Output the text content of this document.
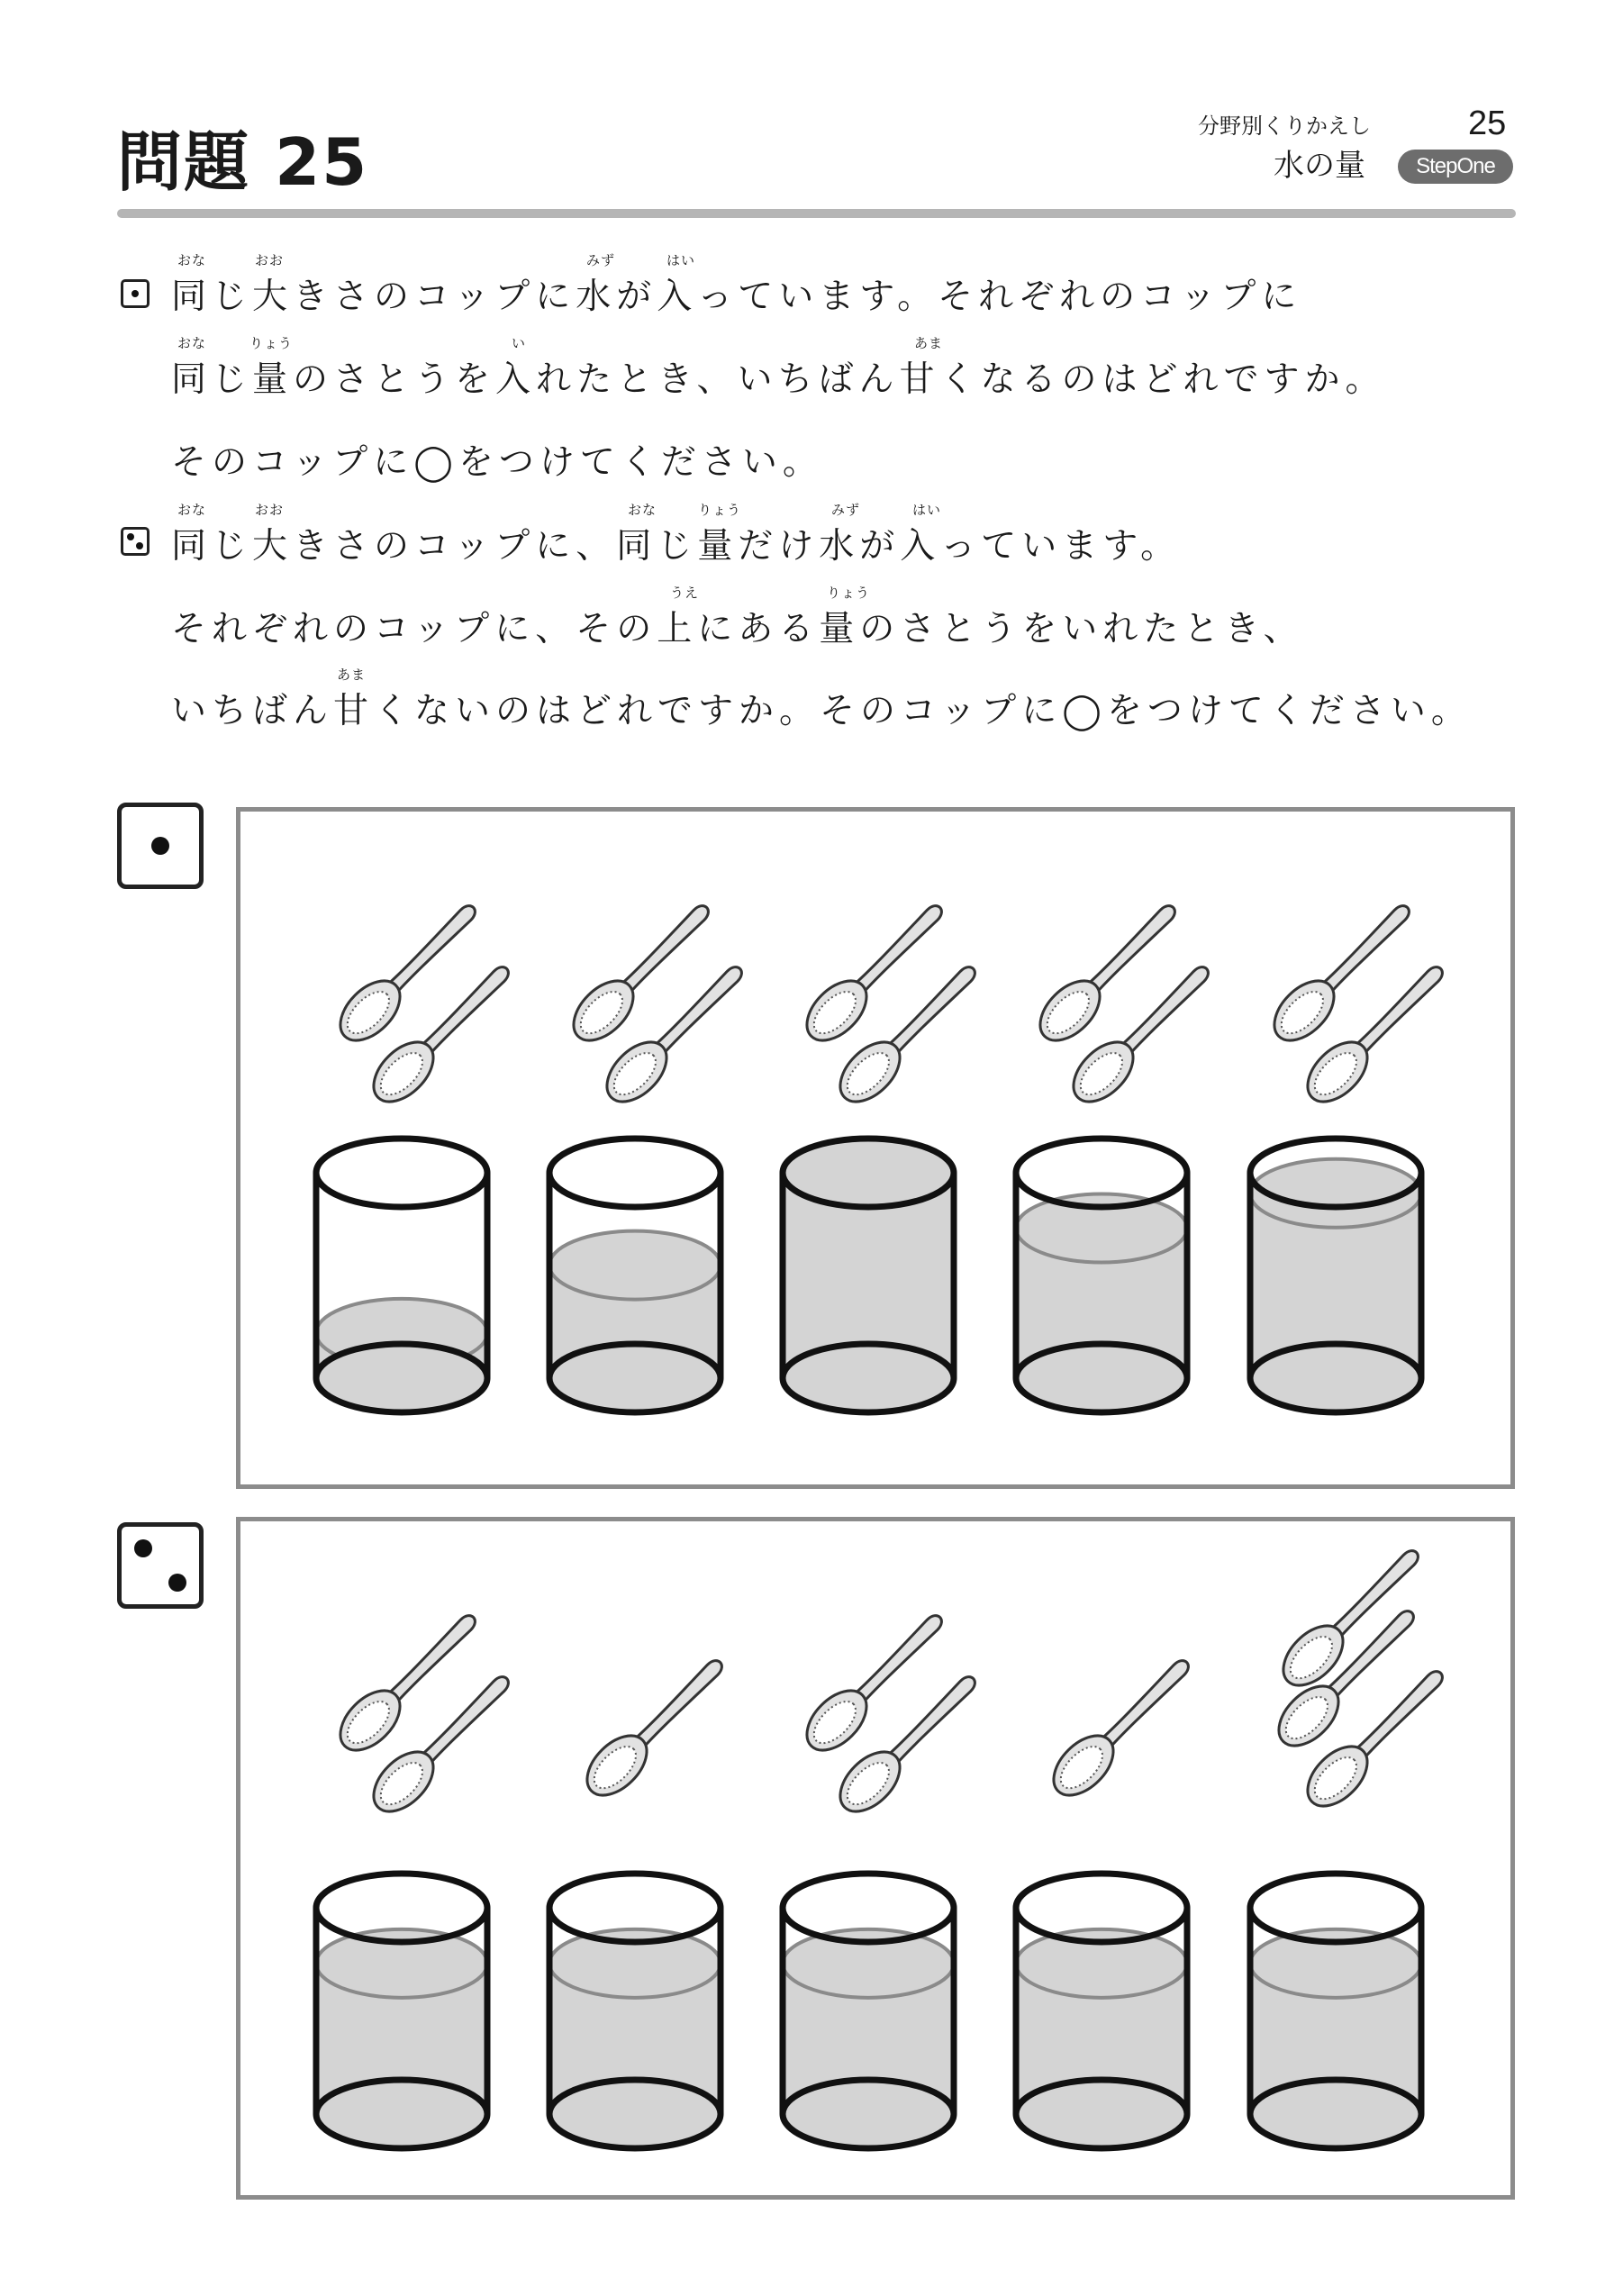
問題 25	分野別くりかえし	25
水の量	StepOne
おな	おお	みず	はい
同じ大きさのコップに水が入っています。それぞれのコップに
おな	りょう	い	あま
同じ量のさとうを入れたとき、いちばん甘くなるのはどれですか。
そのコップに◯をつけてください。
おな	おお	おな	りょう	みず	はい
同じ大きさのコップに、同じ量だけ水が入っています。
うえ	りょう
それぞれのコップに、その上にある量のさとうをいれたとき、
あま
いちばん甘くないのはどれですか。そのコップに◯をつけてください。
